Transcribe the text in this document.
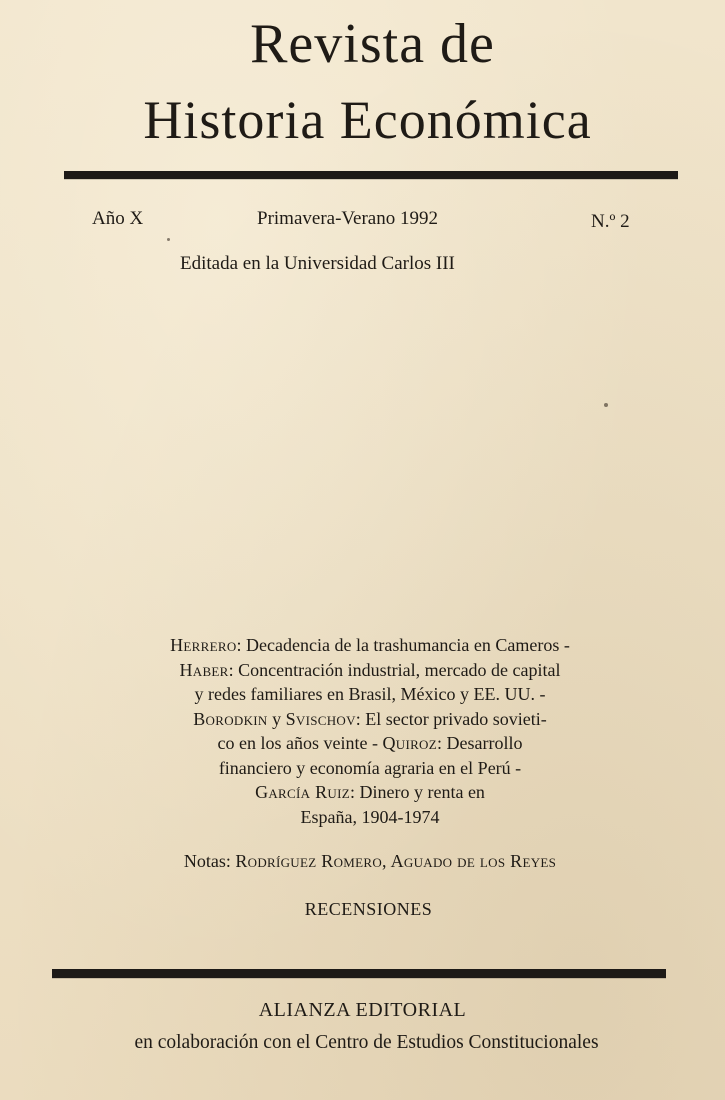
Revista de
Historia Económica
Año X	Primavera-Verano 1992	N.º 2
Editada en la Universidad Carlos III
Herrero: Decadencia de la trashumancia en Cameros -
Haber: Concentración industrial, mercado de capital
y redes familiares en Brasil, México y EE. UU. -
Borodkin y Svischov: El sector privado sovieti-
co en los años veinte - Quiroz: Desarrollo
financiero y economía agraria en el Perú -
García Ruiz: Dinero y renta en
España, 1904-1974
Notas: Rodríguez Romero, Aguado de los Reyes
RECENSIONES
ALIANZA EDITORIAL
en colaboración con el Centro de Estudios Constitucionales
